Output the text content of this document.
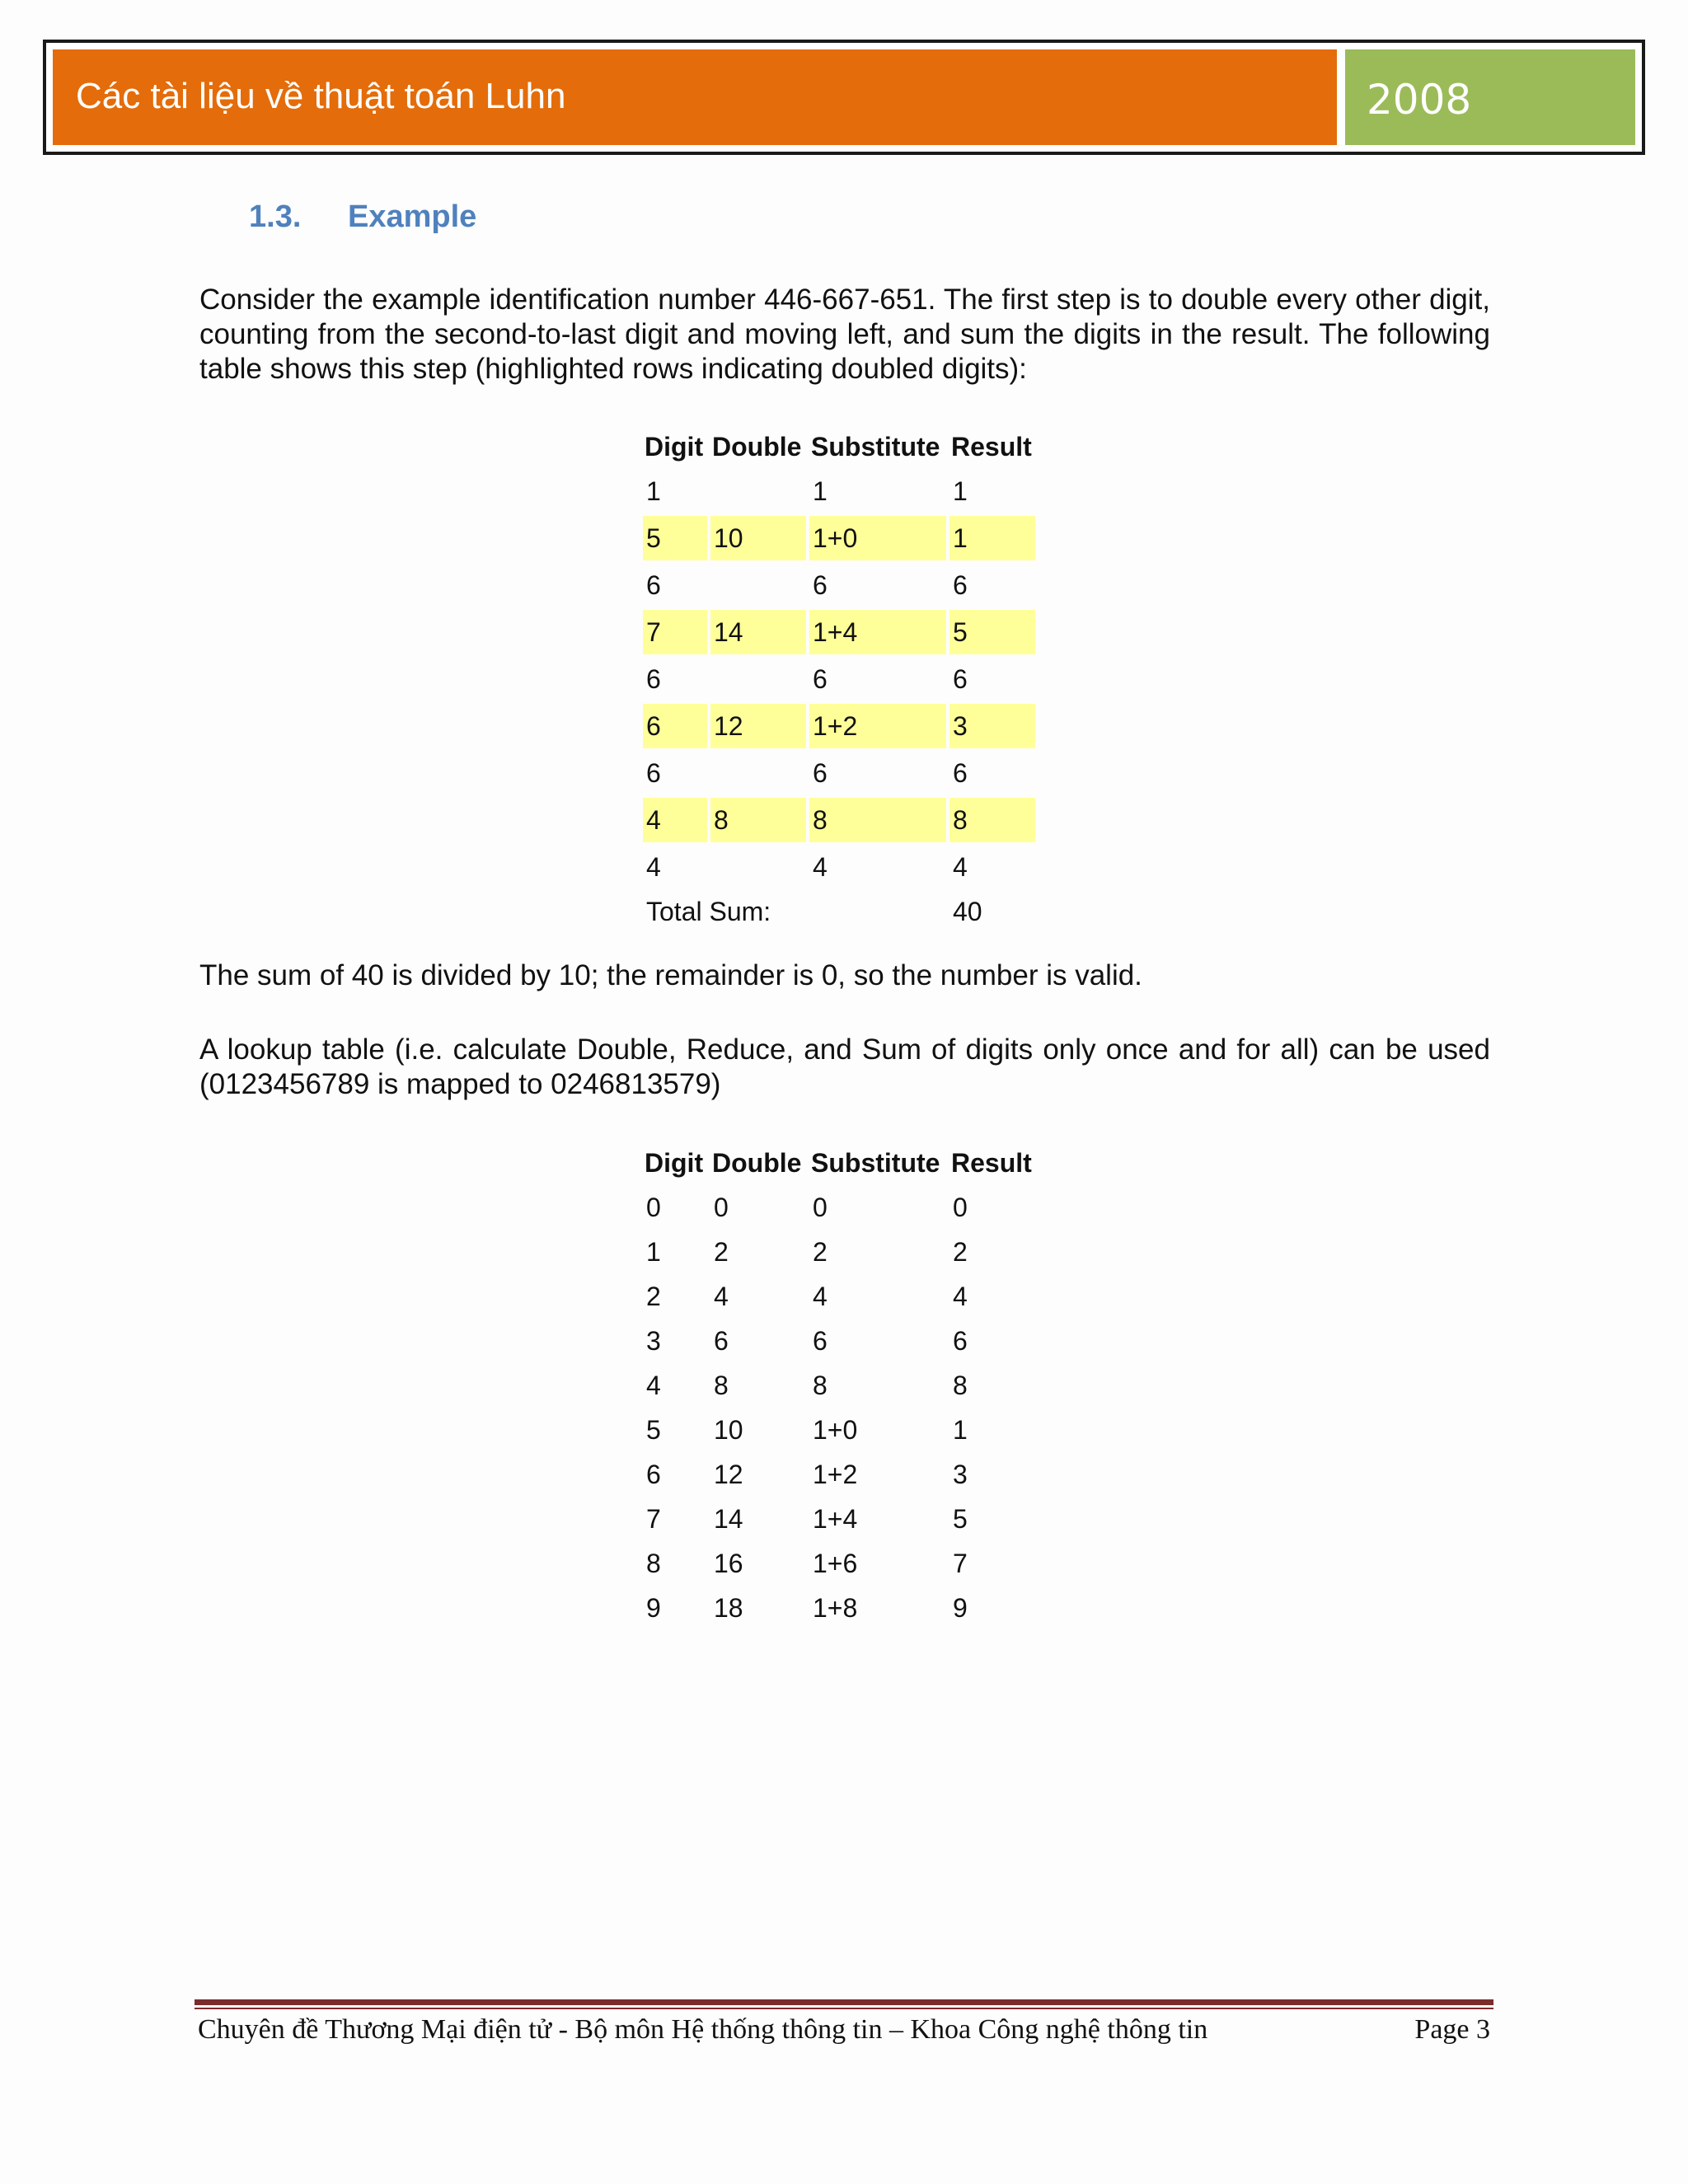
Các tài liệu về thuật toán Luhn	2008
1.3. Example
Consider the example identification number 446-667-651. The first step is to double every other digit, counting from the second-to-last digit and moving left, and sum the digits in the result. The following table shows this step (highlighted rows indicating doubled digits):
Digit	Double	Substitute	Result
1		1	1
5	10	1+0	1
6		6	6
7	14	1+4	5
6		6	6
6	12	1+2	3
6		6	6
4	8	8	8
4		4	4
Total Sum:			40
The sum of 40 is divided by 10; the remainder is 0, so the number is valid.
A lookup table (i.e. calculate Double, Reduce, and Sum of digits only once and for all) can be used (0123456789 is mapped to 0246813579)
Digit	Double	Substitute	Result
0	0	0	0
1	2	2	2
2	4	4	4
3	6	6	6
4	8	8	8
5	10	1+0	1
6	12	1+2	3
7	14	1+4	5
8	16	1+6	7
9	18	1+8	9
Chuyên đề Thương Mại điện tử - Bộ môn Hệ thống thông tin – Khoa Công nghệ thông tin	Page 3
